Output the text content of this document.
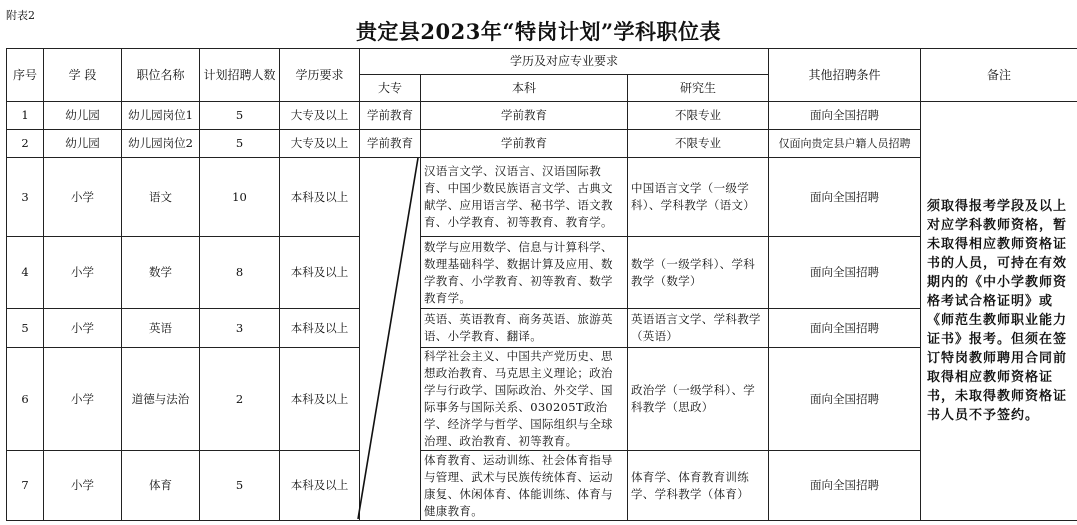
附表2
贵定县2023年“特岗计划”学科职位表
序号	学 段	职位名称	计划招聘人数	学历要求	学历及对应专业要求			其他招聘条件	备注
					大专	本科	研究生		
1	幼儿园	幼儿园岗位1	5	大专及以上	学前教育	学前教育	不限专业	面向全国招聘	须取得报考学段及以上对应学科教师资格，暂未取得相应教师资格证书的人员，可持在有效期内的《中小学教师资格考试合格证明》或《师范生教师职业能力证书》报考。但须在签订特岗教师聘用合同前取得相应教师资格证书，未取得教师资格证书人员不予签约。
2	幼儿园	幼儿园岗位2	5	大专及以上	学前教育	学前教育	不限专业	仅面向贵定县户籍人员招聘	
3	小学	语文	10	本科及以上		汉语言文学、汉语言、汉语国际教育、中国少数民族语言文学、古典文献学、应用语言学、秘书学、语文教育、小学教育、初等教育、教育学。	中国语言文学（一级学科）、学科教学（语文）	面向全国招聘	
4	小学	数学	8	本科及以上		数学与应用数学、信息与计算科学、数理基础科学、数据计算及应用、数学教育、小学教育、初等教育、数学教育学。	数学（一级学科）、学科教学（数学）	面向全国招聘	
5	小学	英语	3	本科及以上		英语、英语教育、商务英语、旅游英语、小学教育、翻译。	英语语言文学、学科教学（英语）	面向全国招聘	
6	小学	道德与法治	2	本科及以上		科学社会主义、中国共产党历史、思想政治教育、马克思主义理论；政治学与行政学、国际政治、外交学、国际事务与国际关系、030205T政治学、经济学与哲学、国际组织与全球治理、政治教育、初等教育。	政治学（一级学科）、学科教学（思政）	面向全国招聘	
7	小学	体育	5	本科及以上		体育教育、运动训练、社会体育指导与管理、武术与民族传统体育、运动康复、休闲体育、体能训练、体育与健康教育。	体育学、体育教育训练学、学科教学（体育）	面向全国招聘	
